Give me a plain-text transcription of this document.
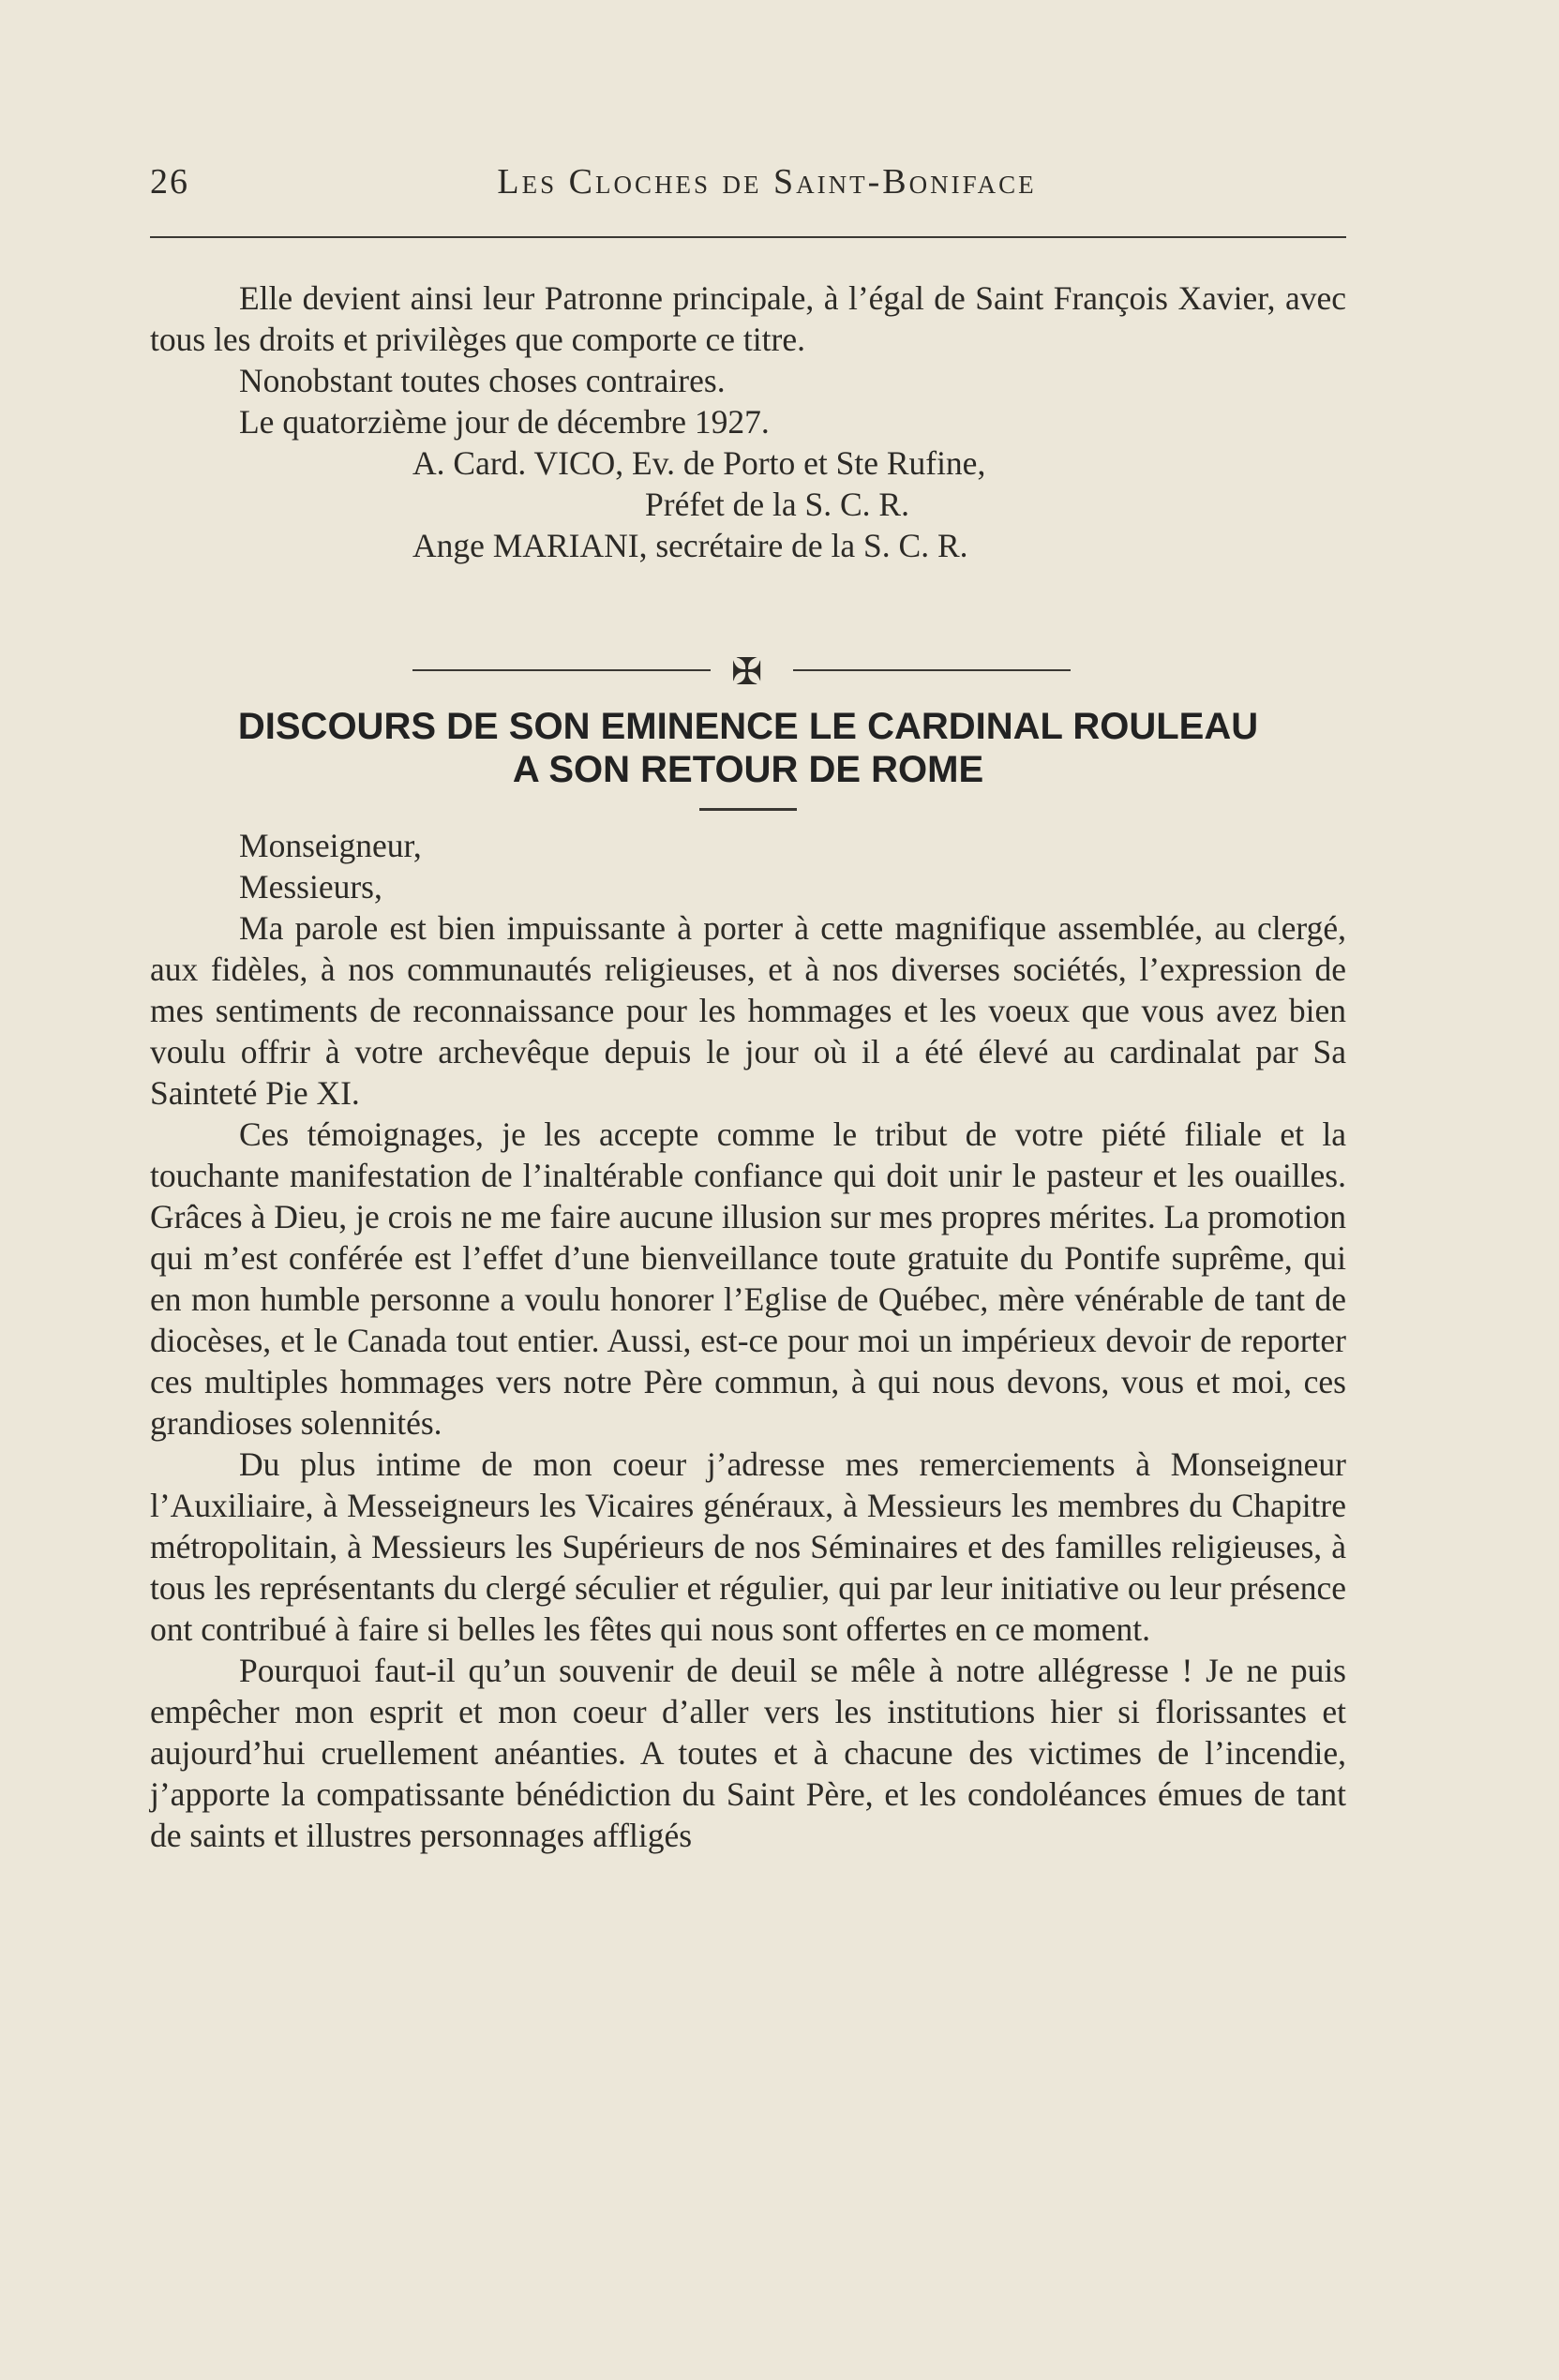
26	Les Cloches de Saint-Boniface

Elle devient ainsi leur Patronne principale, à l’égal de Saint François Xavier, avec tous les droits et privilèges que comporte ce titre.

Nonobstant toutes choses contraires.

Le quatorzième jour de décembre 1927.

A. Card. VICO, Ev. de Porto et Ste Rufine,

Préfet de la S. C. R.

Ange MARIANI, secrétaire de la S. C. R.

✠
DISCOURS DE SON EMINENCE LE CARDINAL ROULEAU
A SON RETOUR DE ROME

Monseigneur,

Messieurs,

Ma parole est bien impuissante à porter à cette magnifique assemblée, au clergé, aux fidèles, à nos communautés religieuses, et à nos diverses sociétés, l’expression de mes sentiments de reconnaissance pour les hommages et les voeux que vous avez bien voulu offrir à votre archevêque depuis le jour où il a été élevé au cardinalat par Sa Sainteté Pie XI.

Ces témoignages, je les accepte comme le tribut de votre piété filiale et la touchante manifestation de l’inaltérable confiance qui doit unir le pasteur et les ouailles. Grâces à Dieu, je crois ne me faire aucune illusion sur mes propres mérites. La promotion qui m’est conférée est l’effet d’une bienveillance toute gratuite du Pontife suprême, qui en mon humble personne a voulu honorer l’Eglise de Québec, mère vénérable de tant de diocèses, et le Canada tout entier. Aussi, est-ce pour moi un impérieux devoir de reporter ces multiples hommages vers notre Père commun, à qui nous devons, vous et moi, ces grandioses solennités.

Du plus intime de mon coeur j’adresse mes remerciements à Monseigneur l’Auxiliaire, à Messeigneurs les Vicaires généraux, à Messieurs les membres du Chapitre métropolitain, à Messieurs les Supérieurs de nos Séminaires et des familles religieuses, à tous les représentants du clergé séculier et régulier, qui par leur initiative ou leur présence ont contribué à faire si belles les fêtes qui nous sont offertes en ce moment.

Pourquoi faut-il qu’un souvenir de deuil se mêle à notre allégresse ! Je ne puis empêcher mon esprit et mon coeur d’aller vers les institutions hier si florissantes et aujourd’hui cruellement anéanties. A toutes et à chacune des victimes de l’incendie, j’apporte la compatissante bénédiction du Saint Père, et les condoléances émues de tant de saints et illustres personnages affligés
